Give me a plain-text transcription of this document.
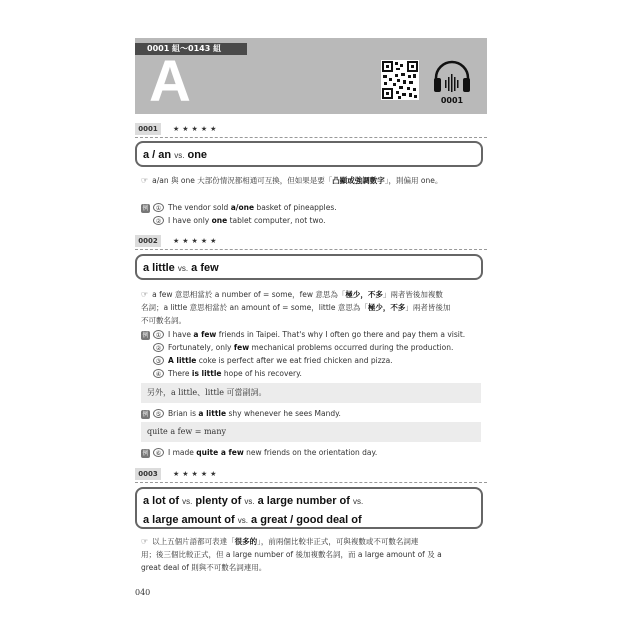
0001 組～0143 組
A	0001
0001	★★★★★
a / an vs. one
☞ a/an 與 one 大部份情況都相通可互換，但如果是要「凸顯或強調數字」，則偏用 one。
例 ① The vendor sold a/one basket of pineapples.
② I have only one tablet computer, not two.
0002	★★★★★
a little vs. a few
☞ a few 意思相當於 a number of = some，few 意思為「極少，不多」兩者皆後加複數
名詞；a little 意思相當於 an amount of = some，little 意思為「極少，不多」兩者皆後加
不可數名詞。
例 ① I have a few friends in Taipei. That's why I often go there and pay them a visit.
② Fortunately, only few mechanical problems occurred during the production.
③ A little coke is perfect after we eat fried chicken and pizza.
④ There is little hope of his recovery.
另外，a little、little 可當副詞。
例 ⑤ Brian is a little shy whenever he sees Mandy.
quite a few = many
例 ⑥ I made quite a few new friends on the orientation day.
0003	★★★★★
a lot of vs. plenty of vs. a large number of vs.
a large amount of vs. a great / good deal of
☞ 以上五個片語都可表達「很多的」，前兩個比較非正式，可與複數或不可數名詞連
用；後三個比較正式，但 a large number of 後加複數名詞，而 a large amount of 及 a
great deal of 則與不可數名詞連用。
040
